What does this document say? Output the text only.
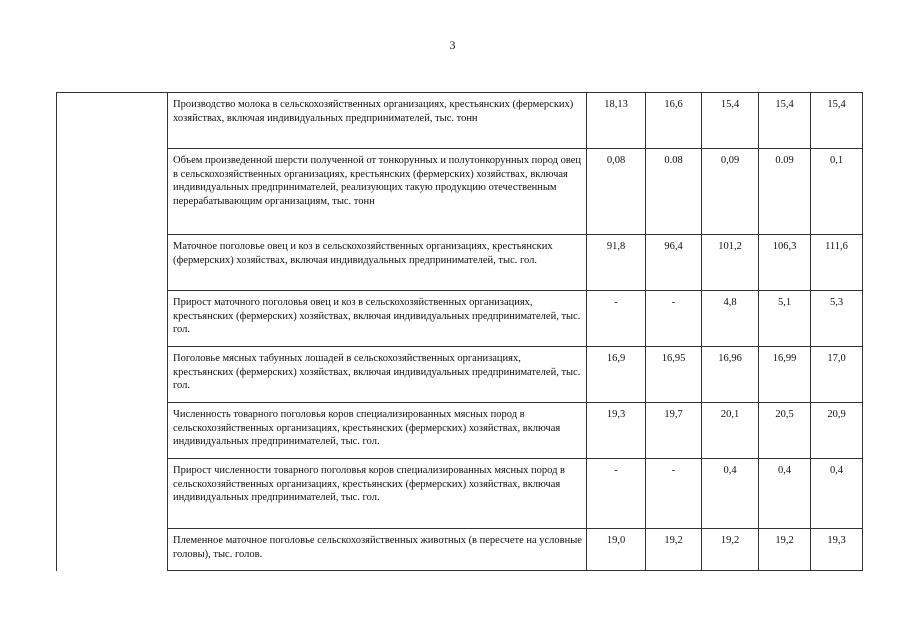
3
	Производство молока в сельскохозяйственных организациях, крестьянских (фермерских) хозяйствах, включая индивидуальных предпринимателей, тыс. тонн	18,13	16,6	15,4	15,4	15,4
	Объем произведенной шерсти полученной от тонкорунных и полутонкорунных пород овец в сельскохозяйственных организациях, крестьянских (фермерских) хозяйствах, включая индивидуальных предпринимателей, реализующих такую продукцию отечественным перерабатывающим организациям, тыс. тонн	0,08	0.08	0,09	0.09	0,1
	Маточное поголовье овец и коз в сельскохозяйственных организациях, крестьянских (фермерских) хозяйствах, включая индивидуальных предпринимателей, тыс. гол.	91,8	96,4	101,2	106,3	111,6
	Прирост маточного поголовья овец и коз в сельскохозяйственных организациях, крестьянских (фермерских) хозяйствах, включая индивидуальных предпринимателей, тыс. гол.	-	-	4,8	5,1	5,3
	Поголовье мясных табунных лошадей в сельскохозяйственных организациях, крестьянских (фермерских) хозяйствах, включая индивидуальных предпринимателей, тыс. гол.	16,9	16,95	16,96	16,99	17,0
	Численность товарного поголовья коров специализированных мясных пород в сельскохозяйственных организациях, крестьянских (фермерских) хозяйствах, включая индивидуальных предпринимателей, тыс. гол.	19,3	19,7	20,1	20,5	20,9
	Прирост численности товарного поголовья коров специализированных мясных пород в сельскохозяйственных организациях, крестьянских (фермерских) хозяйствах, включая индивидуальных предпринимателей, тыс. гол.	-	-	0,4	0,4	0,4
	Племенное маточное поголовье сельскохозяйственных животных (в пересчете на условные головы), тыс. голов.	19,0	19,2	19,2	19,2	19,3
